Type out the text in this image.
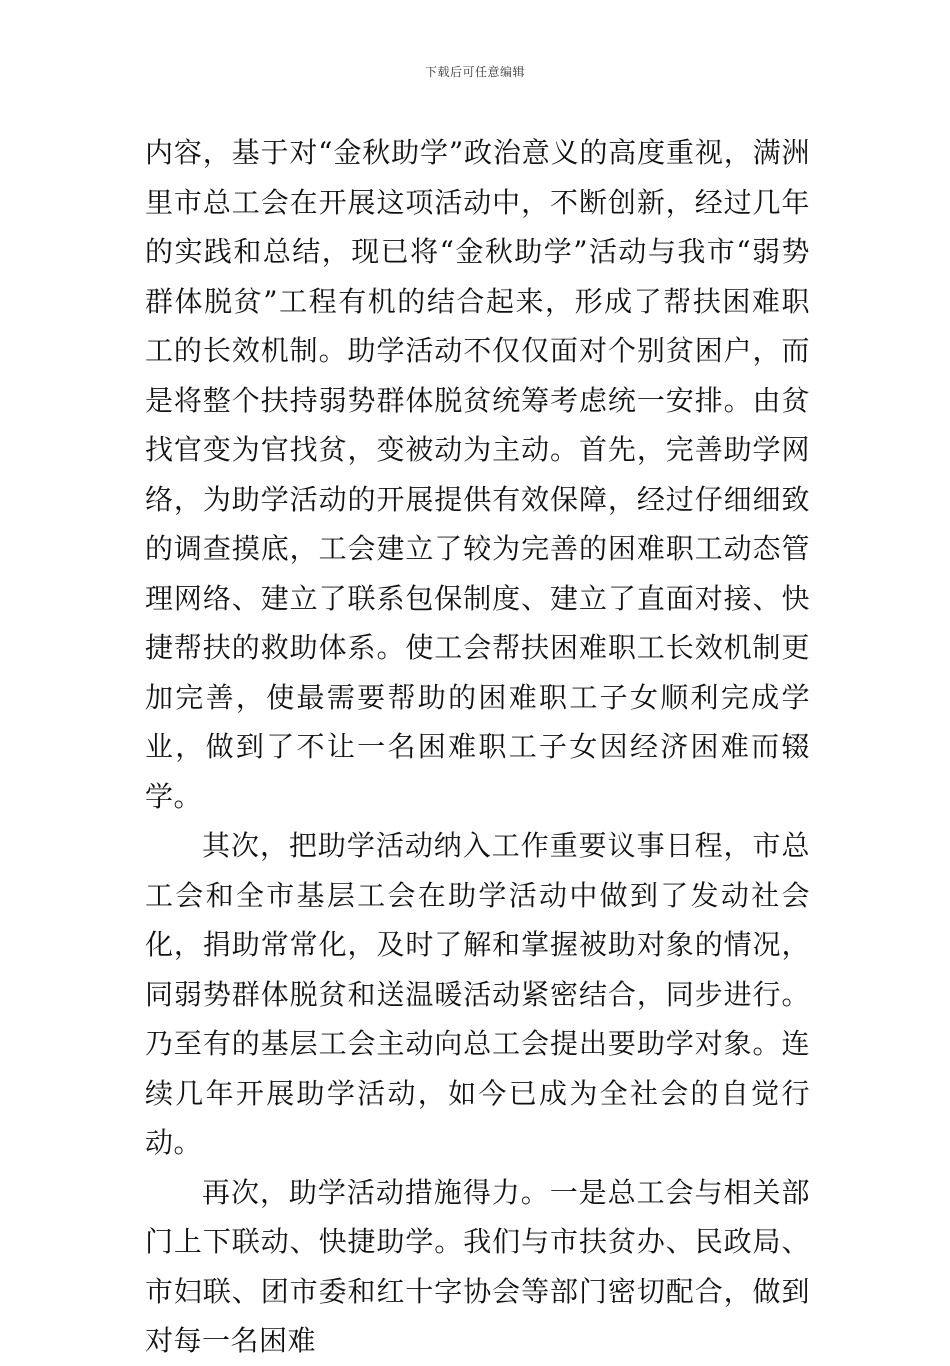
下载后可任意编辑

内容，基于对“金秋助学”政治意义的高度重视，满洲里市总工会在开展这项活动中，不断创新，经过几年的实践和总结，现已将“金秋助学”活动与我市“弱势群体脱贫”工程有机的结合起来，形成了帮扶困难职工的长效机制。助学活动不仅仅面对个别贫困户，而是将整个扶持弱势群体脱贫统筹考虑统一安排。由贫找官变为官找贫，变被动为主动。首先，完善助学网络，为助学活动的开展提供有效保障，经过仔细细致的调查摸底，工会建立了较为完善的困难职工动态管理网络、建立了联系包保制度、建立了直面对接、快捷帮扶的救助体系。使工会帮扶困难职工长效机制更加完善，使最需要帮助的困难职工子女顺利完成学业，做到了不让一名困难职工子女因经济困难而辍学。

其次，把助学活动纳入工作重要议事日程，市总工会和全市基层工会在助学活动中做到了发动社会化，捐助常常化，及时了解和掌握被助对象的情况，同弱势群体脱贫和送温暖活动紧密结合，同步进行。乃至有的基层工会主动向总工会提出要助学对象。连续几年开展助学活动，如今已成为全社会的自觉行动。

再次，助学活动措施得力。一是总工会与相关部门上下联动、快捷助学。我们与市扶贫办、民政局、市妇联、团市委和红十字协会等部门密切配合，做到对每一名困难
